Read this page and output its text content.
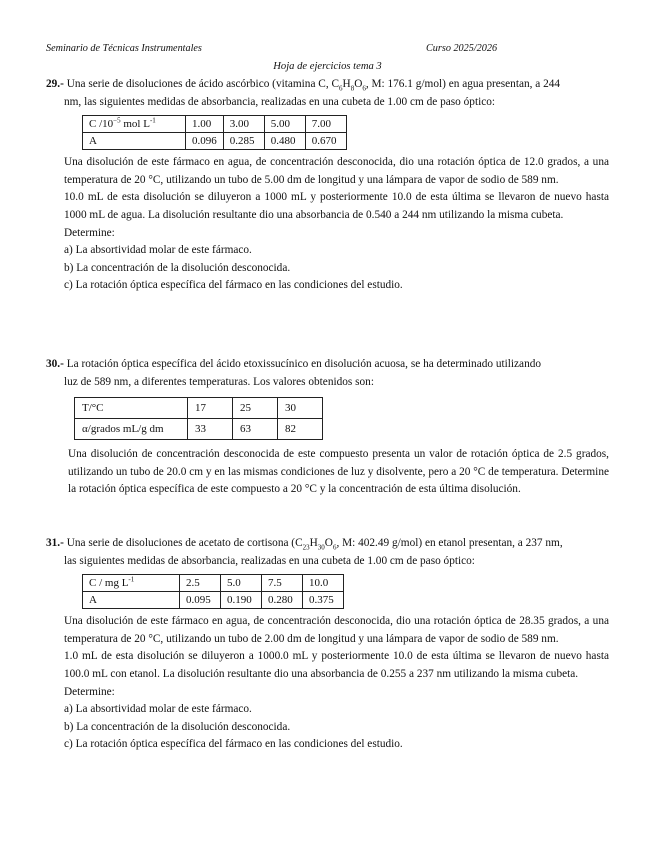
Seminario de Técnicas Instrumentales	Curso 2025/2026
Hoja de ejercicios tema 3
29.- Una serie de disoluciones de ácido ascórbico (vitamina C, $C_6H_8O_6$, M: 176.1 g/mol) en agua presentan, a 244
nm, las siguientes medidas de absorbancia, realizadas en una cubeta de 1.00 cm de paso óptico:
C $/10^{-5}$ mol $L^{-1}$	1.00	3.00	5.00	7.00
A	0.096	0.285	0.480	0.670
Una disolución de este fármaco en agua, de concentración desconocida, dio una rotación óptica de 12.0 grados, a una temperatura de 20 °C, utilizando un tubo de 5.00 dm de longitud y una lámpara de vapor de sodio de 589 nm.
10.0 mL de esta disolución se diluyeron a 1000 mL y posteriormente 10.0 de esta última se llevaron de nuevo hasta 1000 mL de agua. La disolución resultante dio una absorbancia de 0.540 a 244 nm utilizando la misma cubeta.
Determine:
a) La absortividad molar de este fármaco.
b) La concentración de la disolución desconocida.
c) La rotación óptica específica del fármaco en las condiciones del estudio.
30.- La rotación óptica específica del ácido etoxissucínico en disolución acuosa, se ha determinado utilizando
luz de 589 nm, a diferentes temperaturas. Los valores obtenidos son:
T/°C	17	25	30
α/grados mL/g dm	33	63	82
Una disolución de concentración desconocida de este compuesto presenta un valor de rotación óptica de 2.5 grados, utilizando un tubo de 20.0 cm y en las mismas condiciones de luz y disolvente, pero a 20 °C de temperatura. Determine la rotación óptica específica de este compuesto a 20 °C y la concentración de esta última disolución.
31.- Una serie de disoluciones de acetato de cortisona ($C_{23}H_{30}O_6$, M: 402.49 g/mol) en etanol presentan, a 237 nm,
las siguientes medidas de absorbancia, realizadas en una cubeta de 1.00 cm de paso óptico:
C / mg $L^{-1}$	2.5	5.0	7.5	10.0
A	0.095	0.190	0.280	0.375
Una disolución de este fármaco en agua, de concentración desconocida, dio una rotación óptica de 28.35 grados, a una temperatura de 20 °C, utilizando un tubo de 2.00 dm de longitud y una lámpara de vapor de sodio de 589 nm.
1.0 mL de esta disolución se diluyeron a 1000.0 mL y posteriormente 10.0 de esta última se llevaron de nuevo hasta 100.0 mL con etanol. La disolución resultante dio una absorbancia de 0.255 a 237 nm utilizando la misma cubeta.
Determine:
a) La absortividad molar de este fármaco.
b) La concentración de la disolución desconocida.
c) La rotación óptica específica del fármaco en las condiciones del estudio.
